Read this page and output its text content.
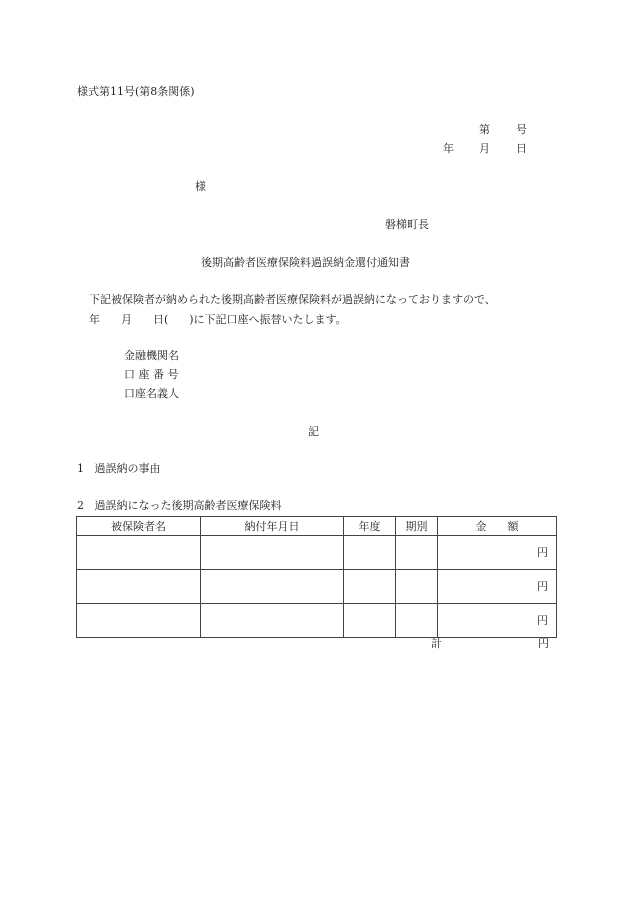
様式第11号(第8条関係)
第 号
年 月 日
様
磐梯町長
後期高齢者医療保険料過誤納金還付通知書
下記被保険者が納められた後期高齢者医療保険料が過誤納になっておりますので、
年 月 日( )に下記口座へ振替いたします。
金融機関名
口 座 番 号
口座名義人
記
1 過誤納の事由
2 過誤納になった後期高齢者医療保険料
被保険者名	納付年月日	年度	期別	金 額
				円
				円
				円
計	円
